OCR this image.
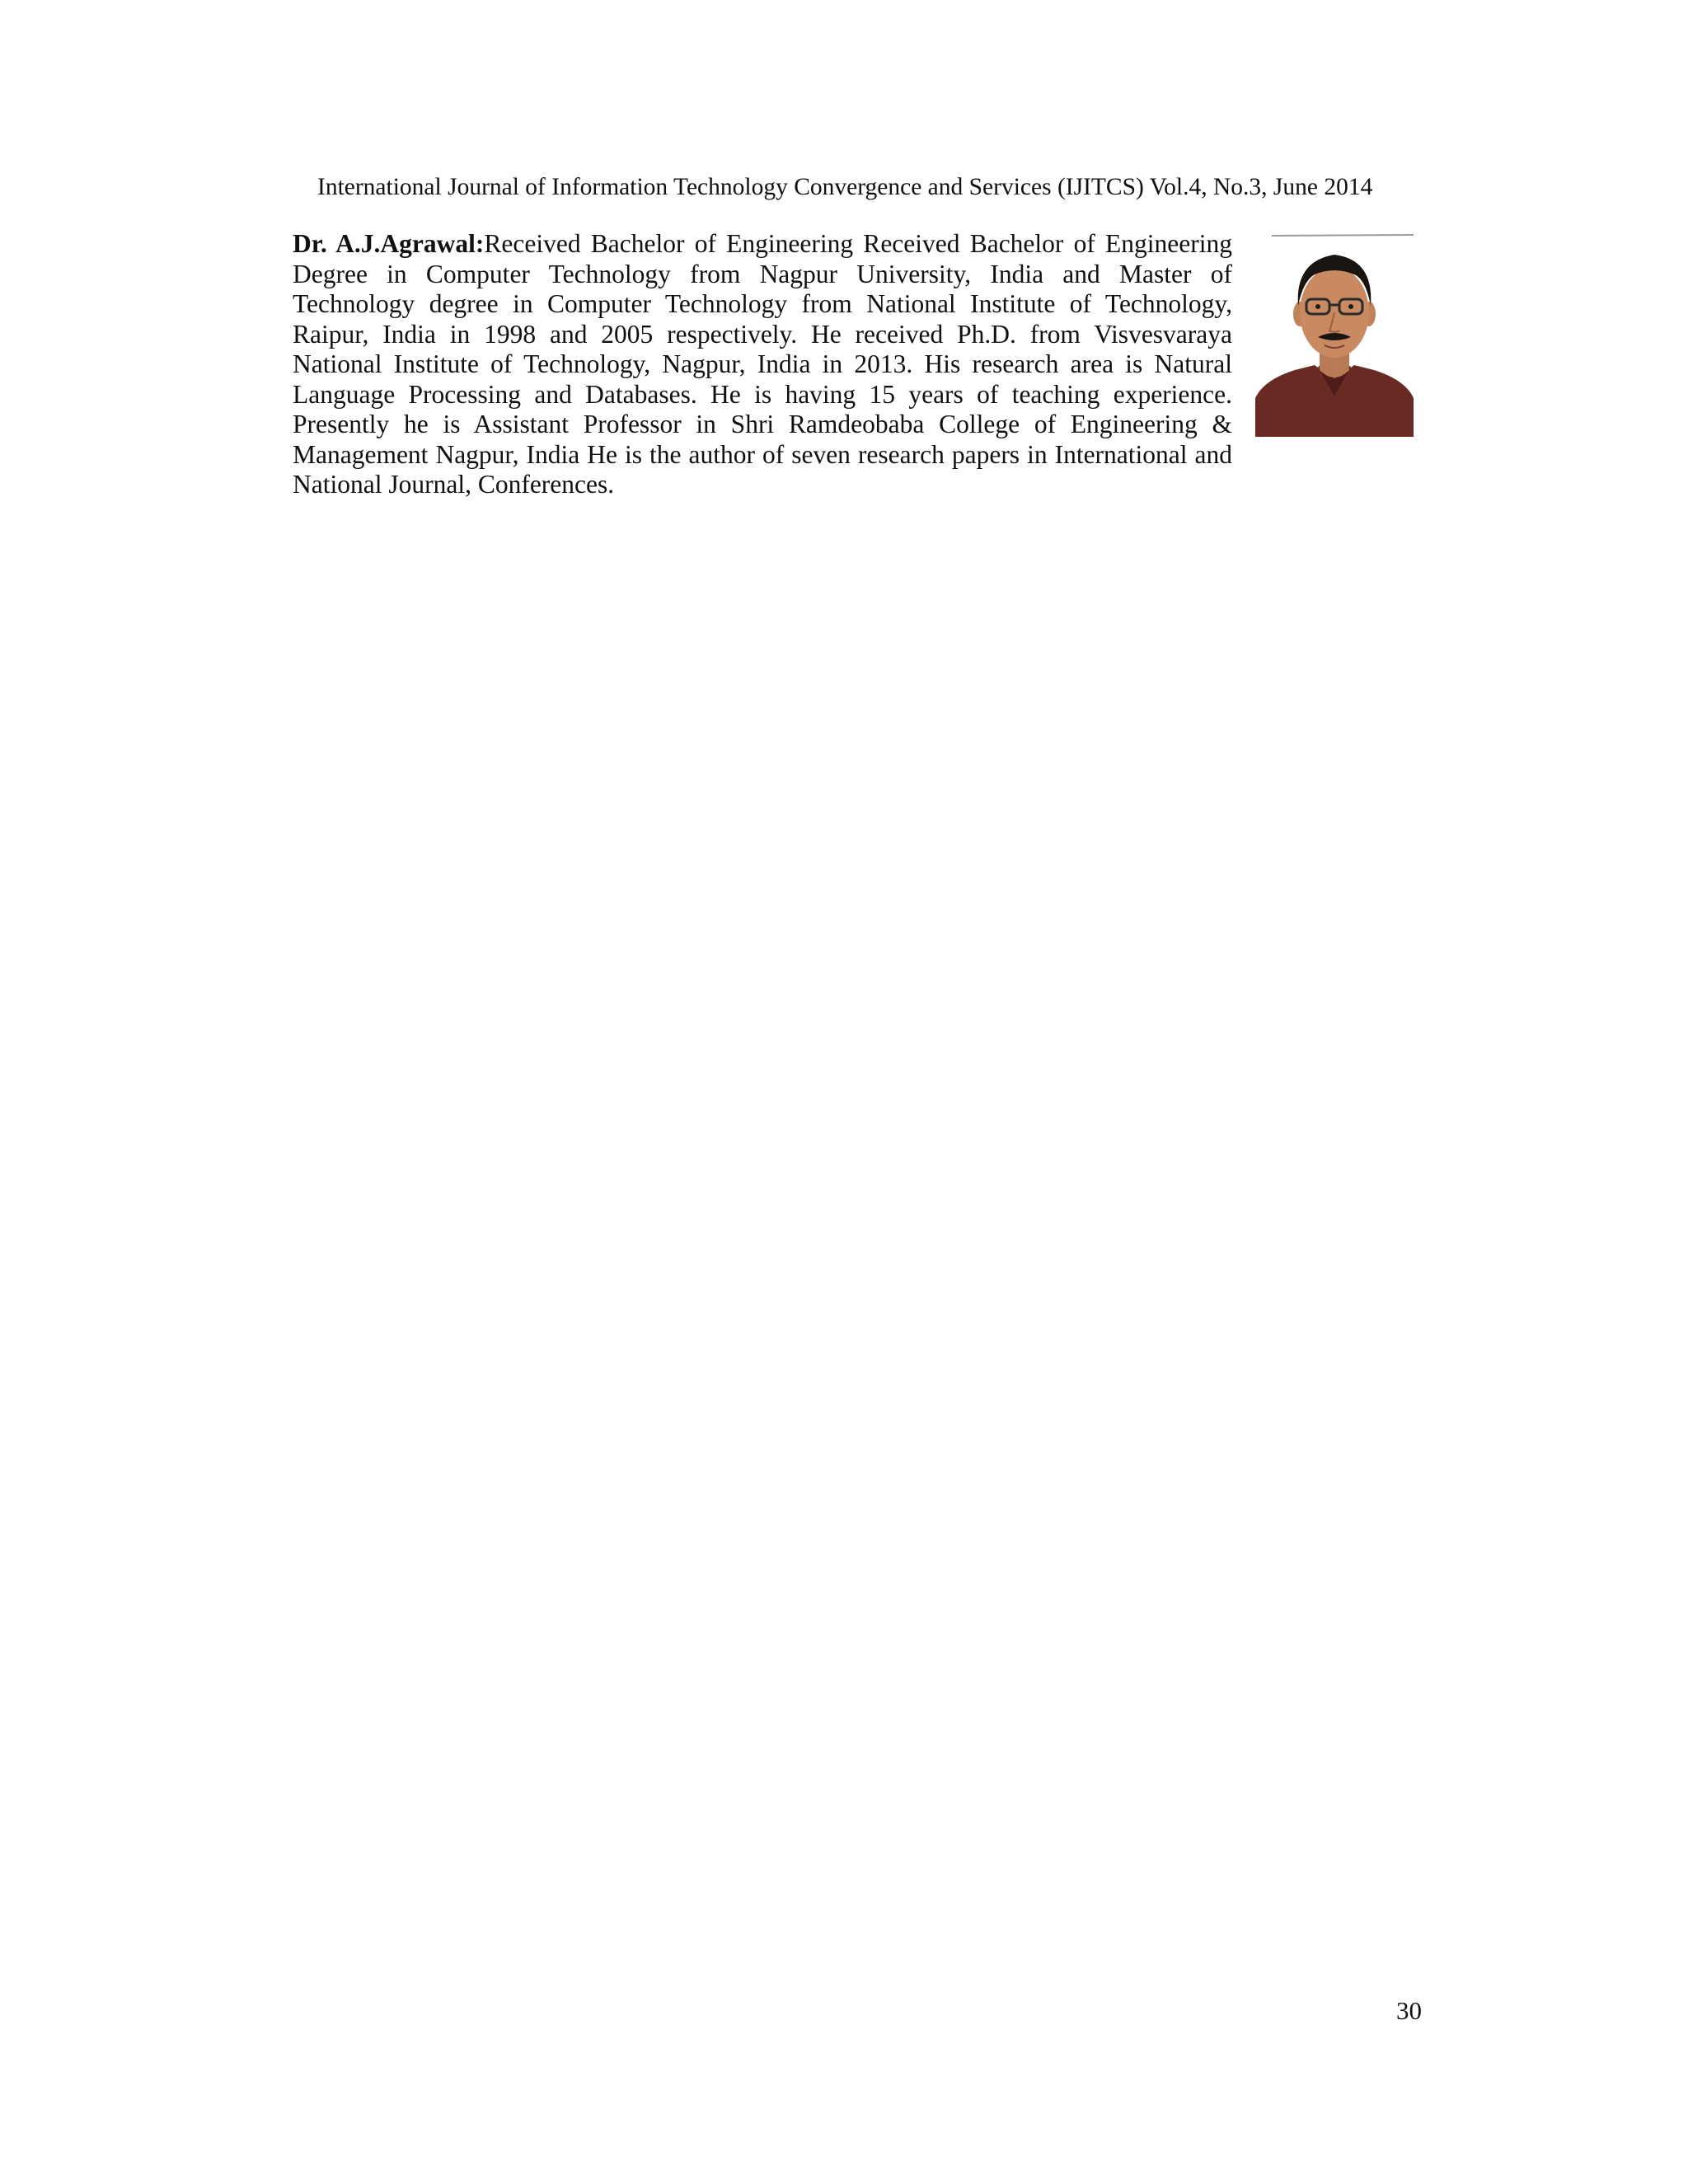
International Journal of Information Technology Convergence and Services (IJITCS) Vol.4, No.3, June 2014
Dr. A.J.Agrawal:Received Bachelor of Engineering Received Bachelor of Engineering Degree in Computer Technology from Nagpur University, India and Master of Technology degree in Computer Technology from National Institute of Technology, Raipur, India in 1998 and 2005 respectively. He received Ph.D. from Visvesvaraya National Institute of Technology, Nagpur, India in 2013. His research area is Natural Language Processing and Databases. He is having 15 years of teaching experience. Presently he is Assistant Professor in Shri Ramdeobaba College of Engineering & Management Nagpur, India He is the author of seven research papers in International and National Journal, Conferences.
30
